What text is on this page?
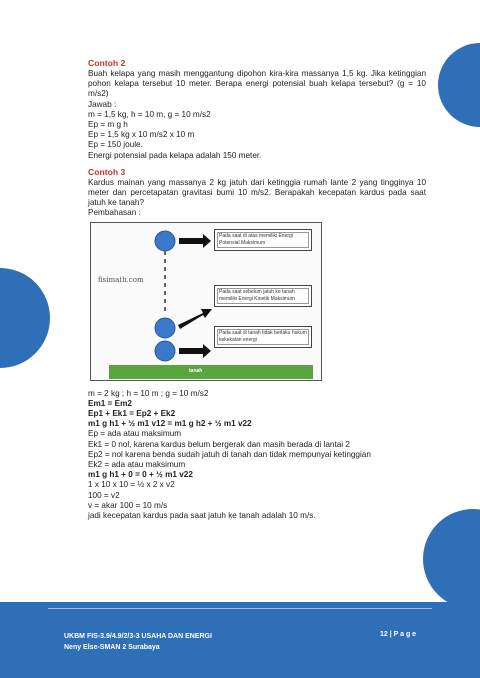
Contoh 2
Buah kelapa yang masih menggantung dipohon kira-kira massanya 1,5 kg. Jika ketinggian pohon kelapa tersebut 10 meter. Berapa energi potensial buah kelapa tersebut? (g = 10 m/s2)
Jawab :
m = 1,5 kg, h = 10 m, g = 10 m/s2
Ep = m g h
Ep = 1,5 kg x 10 m/s2 x 10 m
Ep = 150 joule.
Energi potensial pada kelapa adalah 150 meter.
Contoh 3
Kardus mainan yang massanya 2 kg jatuh dari ketinggia rumah lante 2 yang tingginya 10 meter dan percetapatan gravitasi bumi 10 m/s2. Berapakah kecepatan kardus pada saat jatuh ke tanah?
Pembahasan :
fisimath.com
Pada saat di atas memiliki Energi Potensial Maksimum
Pada saat sebelum jatuh ke tanah memiliki Energi Kinetik Maksimum
Pada saat di tanah tidak berlaku hukum kekekalan energi
tanah
m = 2 kg ; h = 10 m ; g = 10 m/s2
Em1 = Em2
Ep1 + Ek1 = Ep2 + Ek2
m1 g h1 + ½ m1 v12 = m1 g h2 + ½ m1 v22
Ep = ada atau maksimum
Ek1 = 0 nol, karena kardus belum bergerak dan masih berada di lantai 2
Ep2 = nol karena benda sudah jatuh di tanah dan tidak mempunyai ketinggian
Ek2 = ada atau maksimum
m1 g h1 + 0 = 0 + ½ m1 v22
1 x 10 x 10 = ½ x 2 x v2
100 = v2
v = akar 100 = 10 m/s
jadi kecepatan kardus pada saat jatuh ke tanah adalah 10 m/s.
UKBM FIS-3.9/4.9/2/3-3 USAHA DAN ENERGI
Neny Else-SMAN 2 Surabaya
12 | P a g e
